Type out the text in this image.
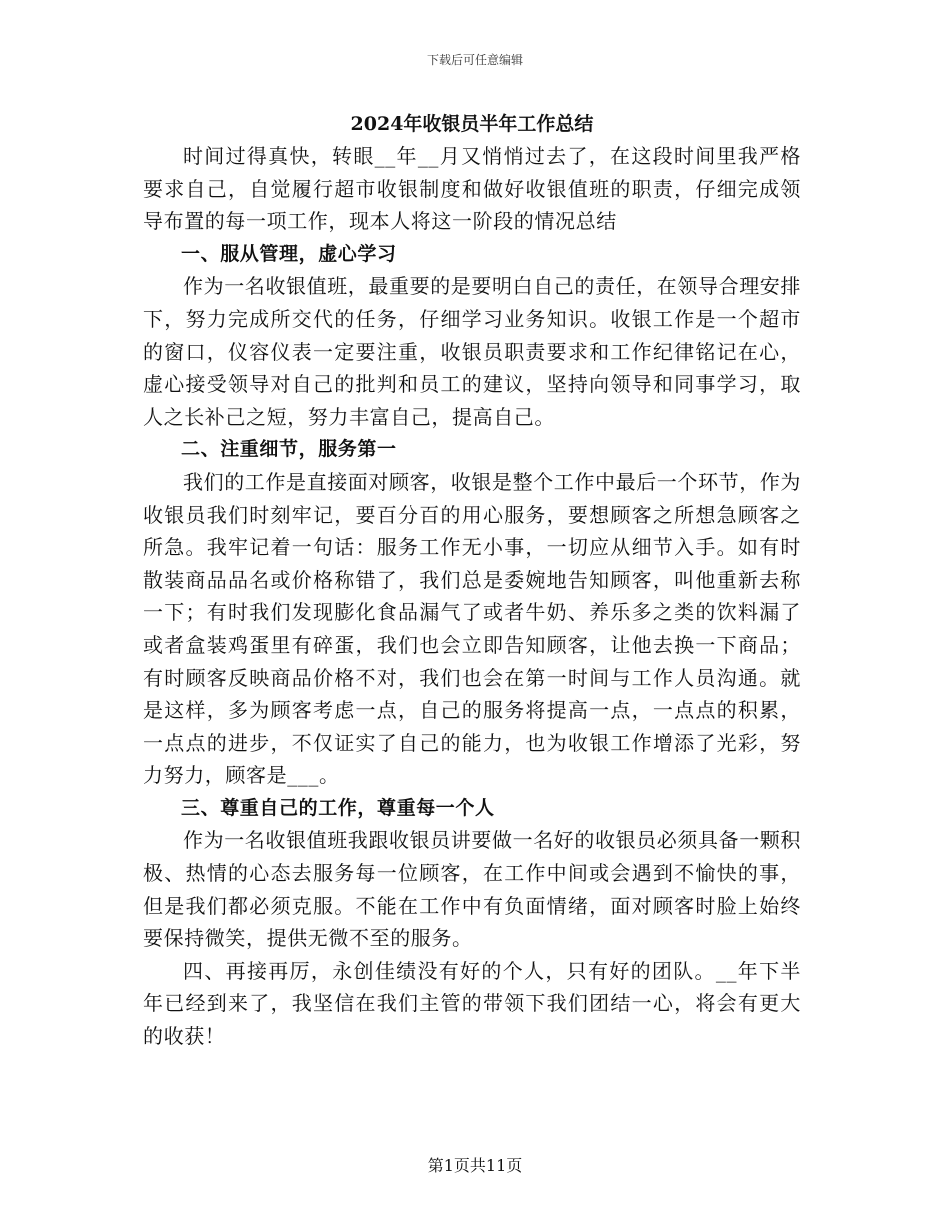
下载后可任意编辑
2024年收银员半年工作总结

时间过得真快，转眼__年__月又悄悄过去了，在这段时间里我严格要求自己，自觉履行超市收银制度和做好收银值班的职责，仔细完成领导布置的每一项工作，现本人将这一阶段的情况总结

一、服从管理，虚心学习

作为一名收银值班，最重要的是要明白自己的责任，在领导合理安排下，努力完成所交代的任务，仔细学习业务知识。收银工作是一个超市的窗口，仪容仪表一定要注重，收银员职责要求和工作纪律铭记在心，虚心接受领导对自己的批判和员工的建议，坚持向领导和同事学习，取人之长补己之短，努力丰富自己，提高自己。

二、注重细节，服务第一

我们的工作是直接面对顾客，收银是整个工作中最后一个环节，作为收银员我们时刻牢记，要百分百的用心服务，要想顾客之所想急顾客之所急。我牢记着一句话：服务工作无小事，一切应从细节入手。如有时散装商品品名或价格称错了，我们总是委婉地告知顾客，叫他重新去称一下；有时我们发现膨化食品漏气了或者牛奶、养乐多之类的饮料漏了或者盒装鸡蛋里有碎蛋，我们也会立即告知顾客，让他去换一下商品；有时顾客反映商品价格不对，我们也会在第一时间与工作人员沟通。就是这样，多为顾客考虑一点，自己的服务将提高一点，一点点的积累，一点点的进步，不仅证实了自己的能力，也为收银工作增添了光彩，努力努力，顾客是___。

三、尊重自己的工作，尊重每一个人

作为一名收银值班我跟收银员讲要做一名好的收银员必须具备一颗积极、热情的心态去服务每一位顾客，在工作中间或会遇到不愉快的事，但是我们都必须克服。不能在工作中有负面情绪，面对顾客时脸上始终要保持微笑，提供无微不至的服务。

四、再接再厉，永创佳绩没有好的个人，只有好的团队。__年下半年已经到来了，我坚信在我们主管的带领下我们团结一心，将会有更大的收获！

第1页共11页
